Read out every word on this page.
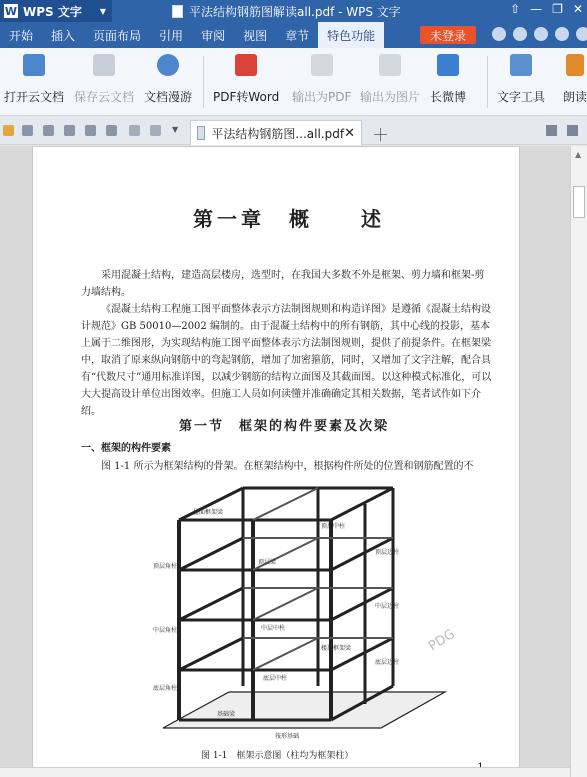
W WPS 文字 ▼	平法结构钢筋图解读all.pdf - WPS 文字	⇧ — ❐ ✕
开始	插入	页面布局	引用	审阅	视图	章节	特色功能	未登录
打开云文档 保存云文档 文档漫游 PDF转Word 输出为PDF 输出为图片 长微博	文字工具 朗读
▼	平法结构钢筋图...all.pdf ✕ ＋
第一章　概　　述
采用混凝土结构，建造高层楼房，选型时，在我国大多数不外是框架、剪力墙和框架-剪力墙结构。
《混凝土结构工程施工图平面整体表示方法制图规则和构造详图》是遵循《混凝土结构设计规范》GB 50010—2002 编制的。由于混凝土结构中的所有钢筋，其中心线的投影，基本上属于二维图形，为实现结构施工图平面整体表示方法制图规则，提供了前提条件。在框架梁中，取消了原来纵向钢筋中的弯起钢筋，增加了加密箍筋，同时，又增加了文字注解，配合具有“代数尺寸”通用标准详图，以减少钢筋的结构立面图及其截面图。以这种模式标准化，可以大大提高设计单位出图效率。但施工人员如何读懂并准确确定其相关数据，笔者试作如下介绍。
第一节　框架的构件要素及次梁
一、框架的构件要素
图 1-1 所示为框架结构的骨架。在框架结构中，根据构件所处的位置和钢筋配置的不
顶层中柱
顶层边柱
顶层角柱
屋面框架梁
顶层梁
中层角柱
中层边柱
中层中柱
楼层框架梁
底层中柱
底层边柱
底层角柱
基础梁
筏形基础
图 1-1　框架示意图（柱均为框架柱）
PDG
▲
